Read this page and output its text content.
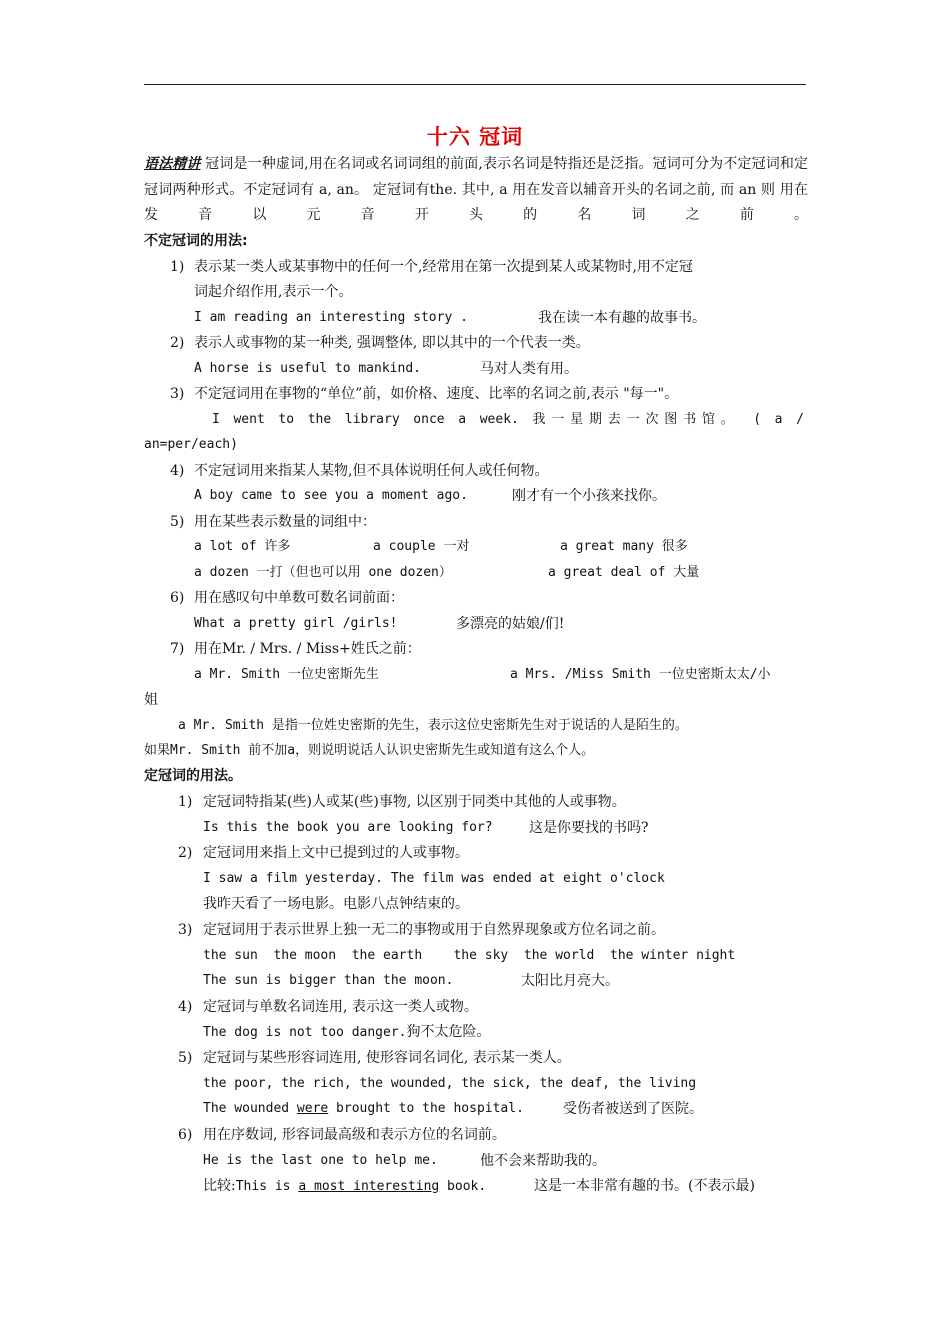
十六 冠词
语法精讲 冠词是一种虚词,用在名词或名词词组的前面,表示名词是特指还是泛指。冠词可分为不定冠词和定冠词两种形式。不定冠词有 a, an。 定冠词有the. 其中, a 用在发音以辅音开头的名词之前, 而 an 则 用在发音以元音开头的名词之前。
不定冠词的用法:
1) 表示某一类人或某事物中的任何一个,经常用在第一次提到某人或某物时,用不定冠
词起介绍作用,表示一个。
I am reading an interesting story .	我在读一本有趣的故事书。
2) 表示人或事物的某一种类, 强调整体, 即以其中的一个代表一类。
A horse is useful to mankind.	马对人类有用。
3) 不定冠词用在事物的“单位”前，如价格、速度、比率的名词之前,表示 "每一"。
I went to the library once a week. 我一星期去一次图书馆。 ( a /
an=per/each)
4) 不定冠词用来指某人某物,但不具体说明任何人或任何物。
A boy came to see you a moment ago.	刚才有一个小孩来找你。
5) 用在某些表示数量的词组中：
a lot of 许多	a couple 一对	a great many 很多
a dozen 一打（但也可以用 one dozen）	a great deal of 大量
6) 用在感叹句中单数可数名词前面：
What a pretty girl /girls!	多漂亮的姑娘/们!
7) 用在Mr. / Mrs. / Miss+姓氏之前：
a Mr. Smith 一位史密斯先生	a Mrs. /Miss Smith 一位史密斯太太/小
姐
a Mr. Smith 是指一位姓史密斯的先生，表示这位史密斯先生对于说话的人是陌生的。
如果Mr. Smith 前不加a，则说明说话人认识史密斯先生或知道有这么个人。
定冠词的用法。
1) 定冠词特指某(些)人或某(些)事物, 以区别于同类中其他的人或事物。
Is this the book you are looking for?	这是你要找的书吗?
2) 定冠词用来指上文中已提到过的人或事物。
I saw a film yesterday. The film was ended at eight o'clock
我昨天看了一场电影。电影八点钟结束的。
3) 定冠词用于表示世界上独一无二的事物或用于自然界现象或方位名词之前。
the sun  the moon  the earth    the sky  the world  the winter night
The sun is bigger than the moon.	太阳比月亮大。
4) 定冠词与单数名词连用, 表示这一类人或物。
The dog is not too danger.狗不太危险。
5) 定冠词与某些形容词连用, 使形容词名词化, 表示某一类人。
the poor, the rich, the wounded, the sick, the deaf, the living
The wounded were brought to the hospital.	受伤者被送到了医院。
6) 用在序数词, 形容词最高级和表示方位的名词前。
He is the last one to help me.	他不会来帮助我的。
比较:This is a most interesting book.	这是一本非常有趣的书。(不表示最)
